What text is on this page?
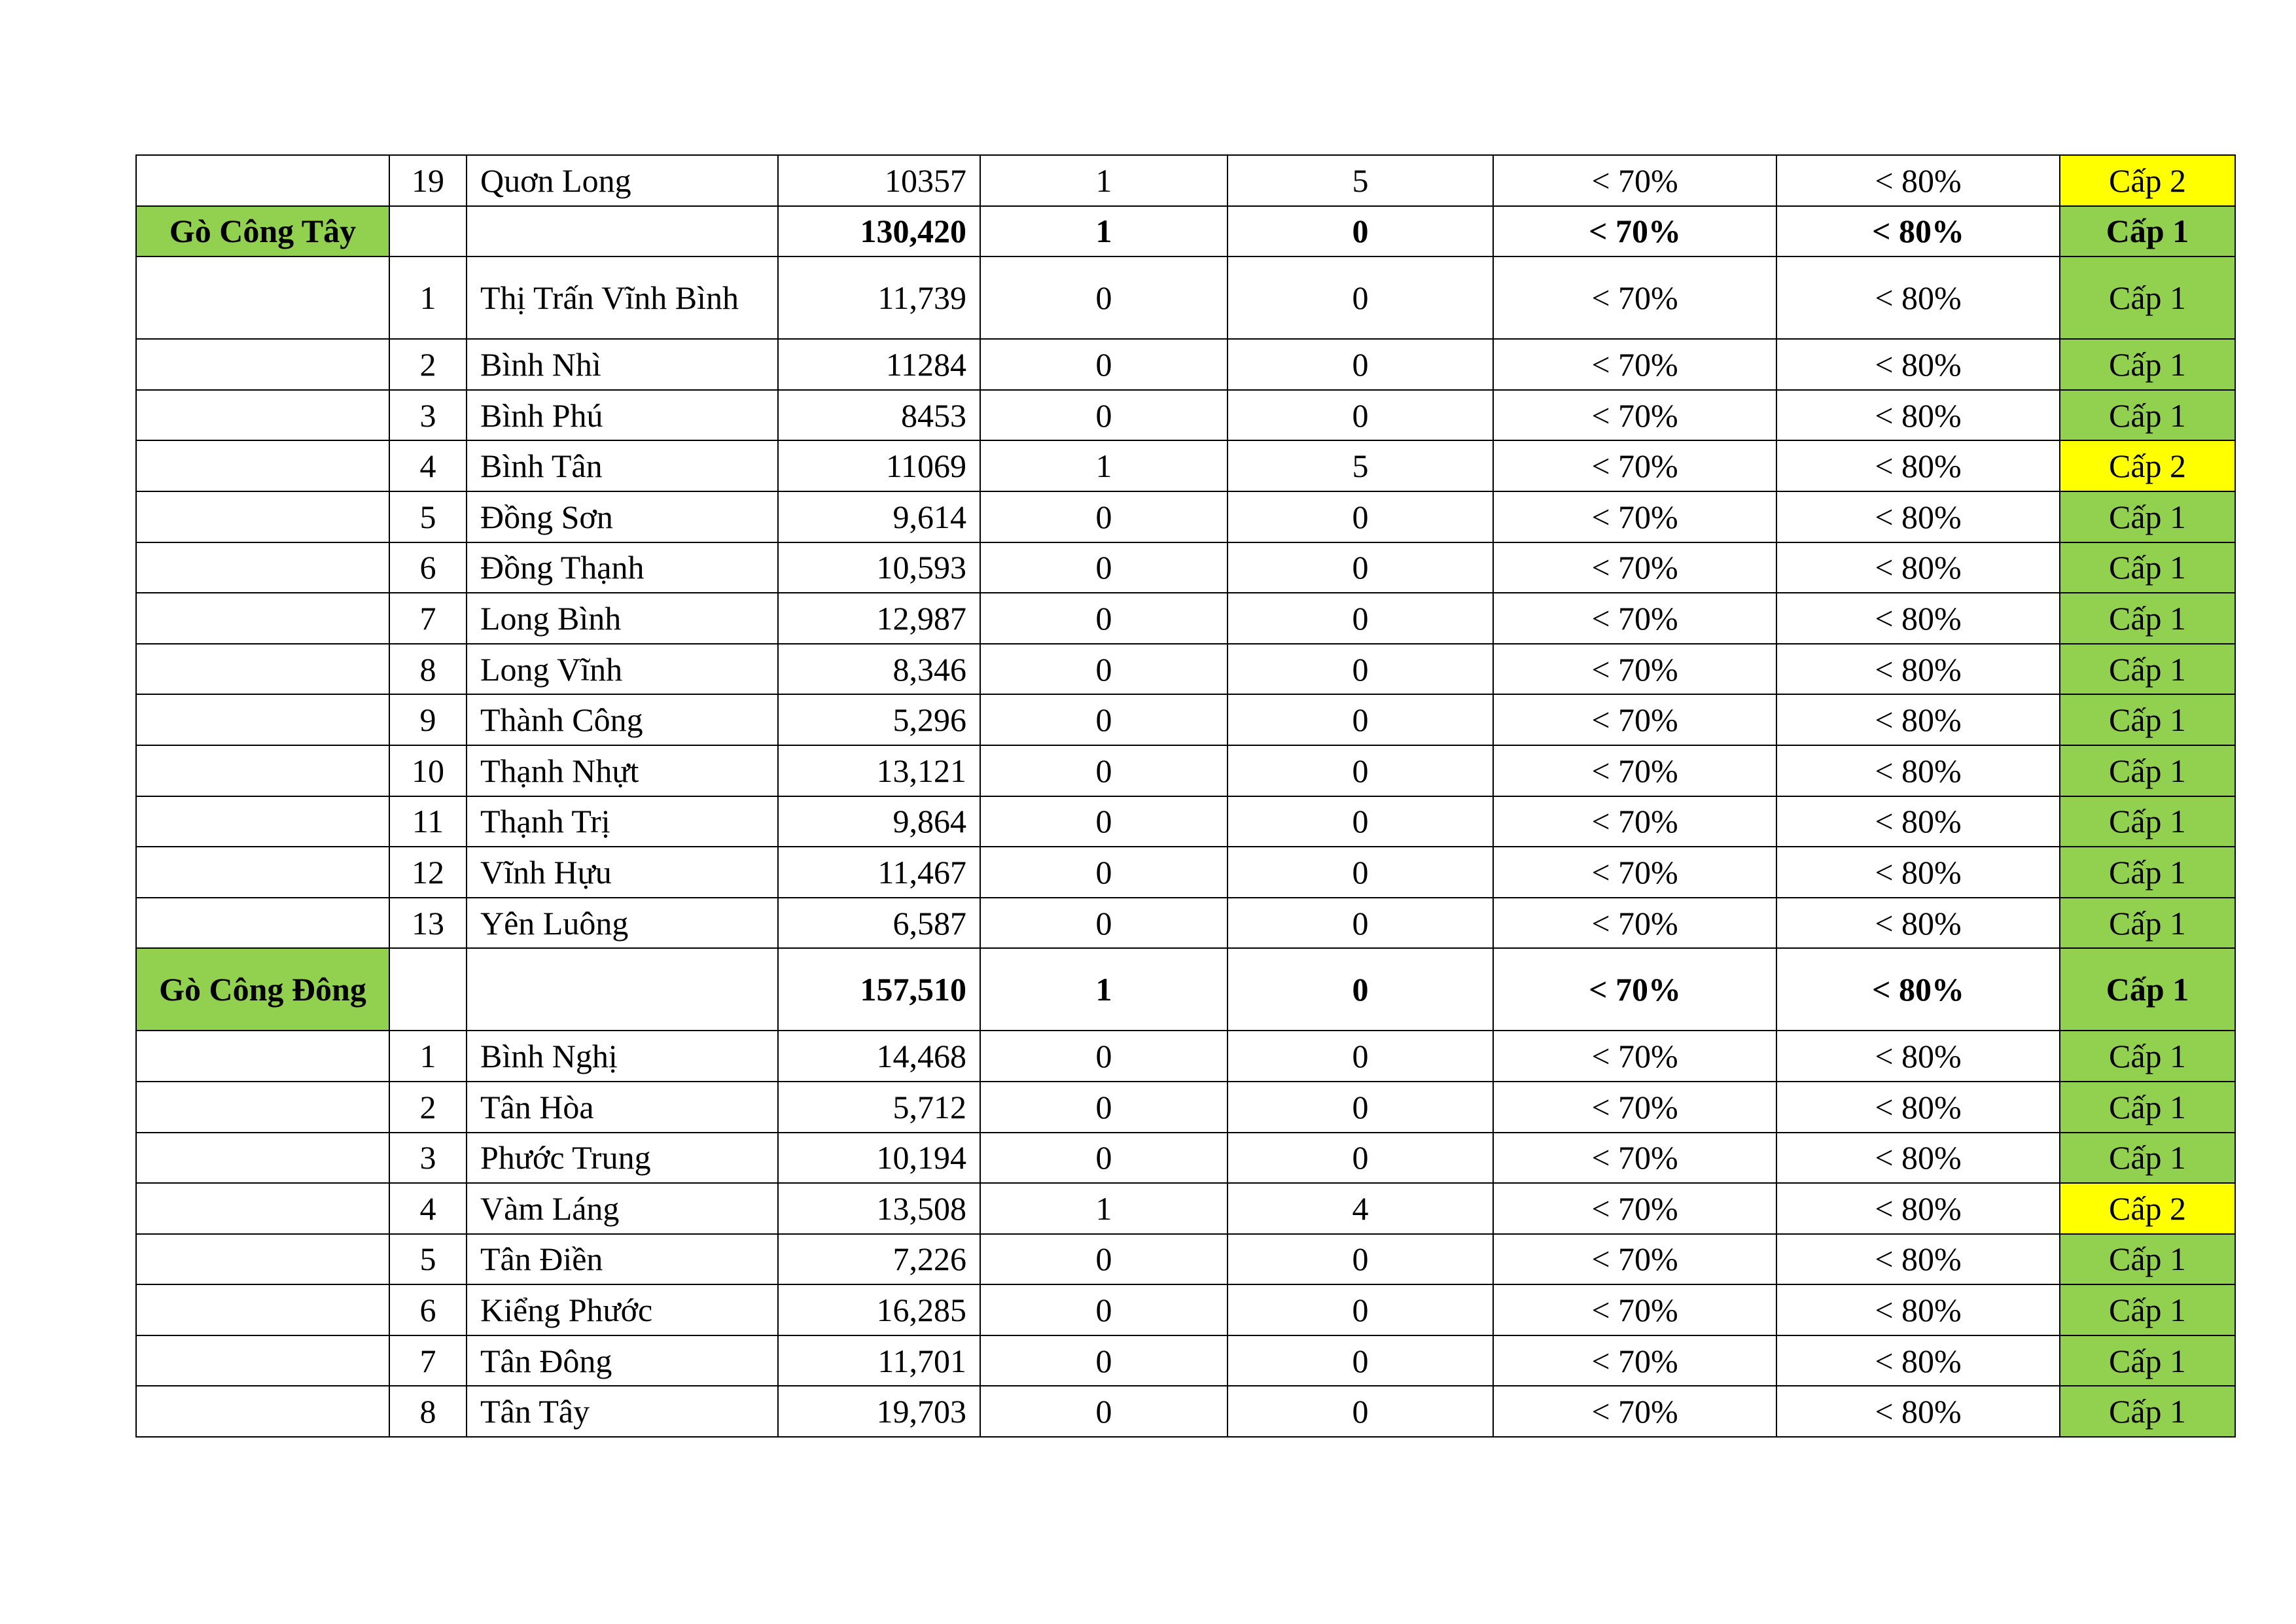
	19	Quơn Long	10357	1	5	< 70%	< 80%	Cấp 2
Gò Công Tây			130,420	1	0	< 70%	< 80%	Cấp 1
	1	Thị Trấn Vĩnh Bình	11,739	0	0	< 70%	< 80%	Cấp 1
	2	Bình Nhì	11284	0	0	< 70%	< 80%	Cấp 1
	3	Bình Phú	8453	0	0	< 70%	< 80%	Cấp 1
	4	Bình Tân	11069	1	5	< 70%	< 80%	Cấp 2
	5	Đồng Sơn	9,614	0	0	< 70%	< 80%	Cấp 1
	6	Đồng Thạnh	10,593	0	0	< 70%	< 80%	Cấp 1
	7	Long Bình	12,987	0	0	< 70%	< 80%	Cấp 1
	8	Long Vĩnh	8,346	0	0	< 70%	< 80%	Cấp 1
	9	Thành Công	5,296	0	0	< 70%	< 80%	Cấp 1
	10	Thạnh Nhựt	13,121	0	0	< 70%	< 80%	Cấp 1
	11	Thạnh Trị	9,864	0	0	< 70%	< 80%	Cấp 1
	12	Vĩnh Hựu	11,467	0	0	< 70%	< 80%	Cấp 1
	13	Yên Luông	6,587	0	0	< 70%	< 80%	Cấp 1
Gò Công Đông			157,510	1	0	< 70%	< 80%	Cấp 1
	1	Bình Nghị	14,468	0	0	< 70%	< 80%	Cấp 1
	2	Tân Hòa	5,712	0	0	< 70%	< 80%	Cấp 1
	3	Phước Trung	10,194	0	0	< 70%	< 80%	Cấp 1
	4	Vàm Láng	13,508	1	4	< 70%	< 80%	Cấp 2
	5	Tân Điền	7,226	0	0	< 70%	< 80%	Cấp 1
	6	Kiểng Phước	16,285	0	0	< 70%	< 80%	Cấp 1
	7	Tân Đông	11,701	0	0	< 70%	< 80%	Cấp 1
	8	Tân Tây	19,703	0	0	< 70%	< 80%	Cấp 1
